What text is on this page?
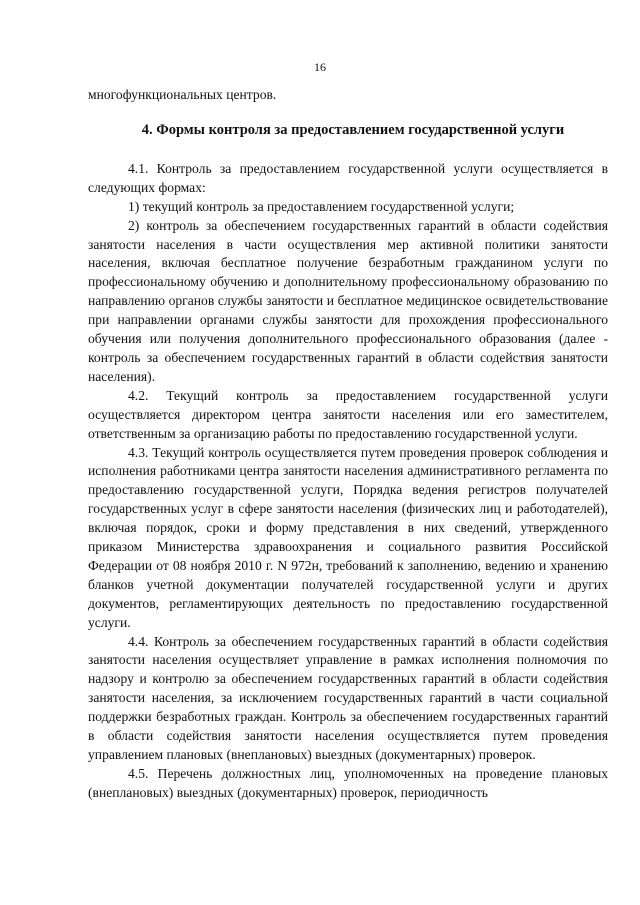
16

многофункциональных центров.

4. Формы контроля за предоставлением государственной услуги

4.1. Контроль за предоставлением государственной услуги осуществляется в следующих формах:

1) текущий контроль за предоставлением государственной услуги;

2) контроль за обеспечением государственных гарантий в области содействия занятости населения в части осуществления мер активной политики занятости населения, включая бесплатное получение безработным гражданином услуги по профессиональному обучению и дополнительному профессиональному образованию по направлению органов службы занятости и бесплатное медицинское освидетельствование при направлении органами службы занятости для прохождения профессионального обучения или получения дополнительного профессионального образования (далее - контроль за обеспечением государственных гарантий в области содействия занятости населения).

4.2. Текущий контроль за предоставлением государственной услуги осуществляется директором центра занятости населения или его заместителем, ответственным за организацию работы по предоставлению государственной услуги.

4.3. Текущий контроль осуществляется путем проведения проверок соблюдения и исполнения работниками центра занятости населения административного регламента по предоставлению государственной услуги, Порядка ведения регистров получателей государственных услуг в сфере занятости населения (физических лиц и работодателей), включая порядок, сроки и форму представления в них сведений, утвержденного приказом Министерства здравоохранения и социального развития Российской Федерации от 08 ноября 2010 г. N 972н, требований к заполнению, ведению и хранению бланков учетной документации получателей государственной услуги и других документов, регламентирующих деятельность по предоставлению государственной услуги.

4.4. Контроль за обеспечением государственных гарантий в области содействия занятости населения осуществляет управление в рамках исполнения полномочия по надзору и контролю за обеспечением государственных гарантий в области содействия занятости населения, за исключением государственных гарантий в части социальной поддержки безработных граждан. Контроль за обеспечением государственных гарантий в области содействия занятости населения осуществляется путем проведения управлением плановых (внеплановых) выездных (документарных) проверок.

4.5. Перечень должностных лиц, уполномоченных на проведение плановых (внеплановых) выездных (документарных) проверок, периодичность
